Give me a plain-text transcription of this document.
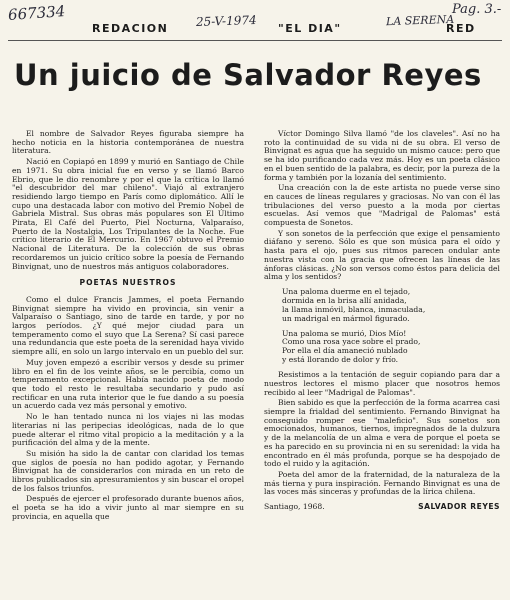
667334	25-V-1974	LA SERENA
Pag. 3.-
REDACION	"EL DIA"	RED
Un juicio de Salvador Reyes

El nombre de Salvador Reyes figuraba siempre ha hecho noticia en la historia contemporánea de nuestra literatura.

Nació en Copiapó en 1899 y murió en Santiago de Chile en 1971. Su obra inicial fue en verso y se llamó Barco Ebrio, que le dio renombre y por el que la crítica lo llamó "el descubridor del mar chileno". Viajó al extranjero residiendo largo tiempo en París como diplomático. Allí le cupo una destacada labor con motivo del Premio Nobel de Gabriela Mistral. Sus obras más populares son El Último Pirata, El Café del Puerto, Piel Nocturna, Valparaíso, Puerto de la Nostalgia, Los Tripulantes de la Noche. Fue crítico literario de El Mercurio. En 1967 obtuvo el Premio Nacional de Literatura. De la colección de sus obras recordaremos un juicio crítico sobre la poesía de Fernando Binvignat, uno de nuestros más antiguos colaboradores.

POETAS NUESTROS

Como el dulce Francis Jammes, el poeta Fernando Binvignat siempre ha vivido en provincia, sin venir a Valparaíso o Santiago, sino de tarde en tarde, y por no largos períodos. ¿Y qué mejor ciudad para un temperamento como el suyo que La Serena? Sí casi parece una redundancia que este poeta de la serenidad haya vivido siempre allí, en solo un largo intervalo en un pueblo del sur.

Muy joven empezó a escribir versos y desde su primer libro en el fin de los veinte años, se le percibía, como un temperamento excepcional. Había nacido poeta de modo que todo el resto le resultaba secundario y pudo así rectificar en una ruta interior que le fue dando a su poesía un acuerdo cada vez más personal y emotivo.

No le han tentado nunca ni los viajes ni las modas literarias ni las peripecias ideológicas, nada de lo que puede alterar el ritmo vital propicio a la meditación y a la purificación del alma y de la mente.

Su misión ha sido la de cantar con claridad los temas que siglos de poesía no han podido agotar, y Fernando Binvignat ha de considerarlos con mirada en un reto de libros publicados sin apresuramientos y sin buscar el oropel de los falsos triunfos.

Después de ejercer el profesorado durante buenos años, el poeta se ha ido a vivir junto al mar siempre en su provincia, en aquella que

Víctor Domingo Silva llamó "de los claveles". Así no ha roto la continuidad de su vida ni de su obra. El verso de Binvignat es agua que ha seguido un mismo cauce: pero que se ha ido purificando cada vez más. Hoy es un poeta clásico en el buen sentido de la palabra, es decir, por la pureza de la forma y también por la lozanía del sentimiento.

Una creación con la de este artista no puede verse sino en cauces de líneas regulares y graciosas. No van con él las tribulaciones del verso puesto a la moda por ciertas escuelas. Así vemos que "Madrigal de Palomas" está compuesta de Sonetos.

Y son sonetos de la perfección que exige el pensamiento diáfano y sereno. Sólo es que son música para el oído y hasta para el ojo, pues sus ritmos parecen ondular ante nuestra vista con la gracia que ofrecen las líneas de las ánforas clásicas. ¿No son versos como éstos para delicia del alma y los sentidos?

Una paloma duerme en el tejado,
dormida en la brisa allí anidada,
la llama inmóvil, blanca, inmaculada,
un madrigal en mármol figurado.
Una paloma se murió, Dios Mío!
Como una rosa yace sobre el prado,
Por ella el día amaneció nublado
y está llorando de dolor y frío.

Resistimos a la tentación de seguir copiando para dar a nuestros lectores el mismo placer que nosotros hemos recibido al leer "Madrigal de Palomas".

Bien sabido es que la perfección de la forma acarrea casi siempre la frialdad del sentimiento. Fernando Binvignat ha conseguido romper ese "maleficio". Sus sonetos son emocionados, humanos, tiernos, impregnados de la dulzura y de la melancolía de un alma e vera de porque el poeta se es ha parecido en su provincia ni en su serenidad: la vida ha encontrado en él más profunda, porque se ha despojado de todo el ruido y la agitación.

Poeta del amor de la fraternidad, de la naturaleza de la más tierna y pura inspiración. Fernando Binvignat es una de las voces más sinceras y profundas de la lírica chilena.

SALVADOR REYES
Santiago, 1968.
